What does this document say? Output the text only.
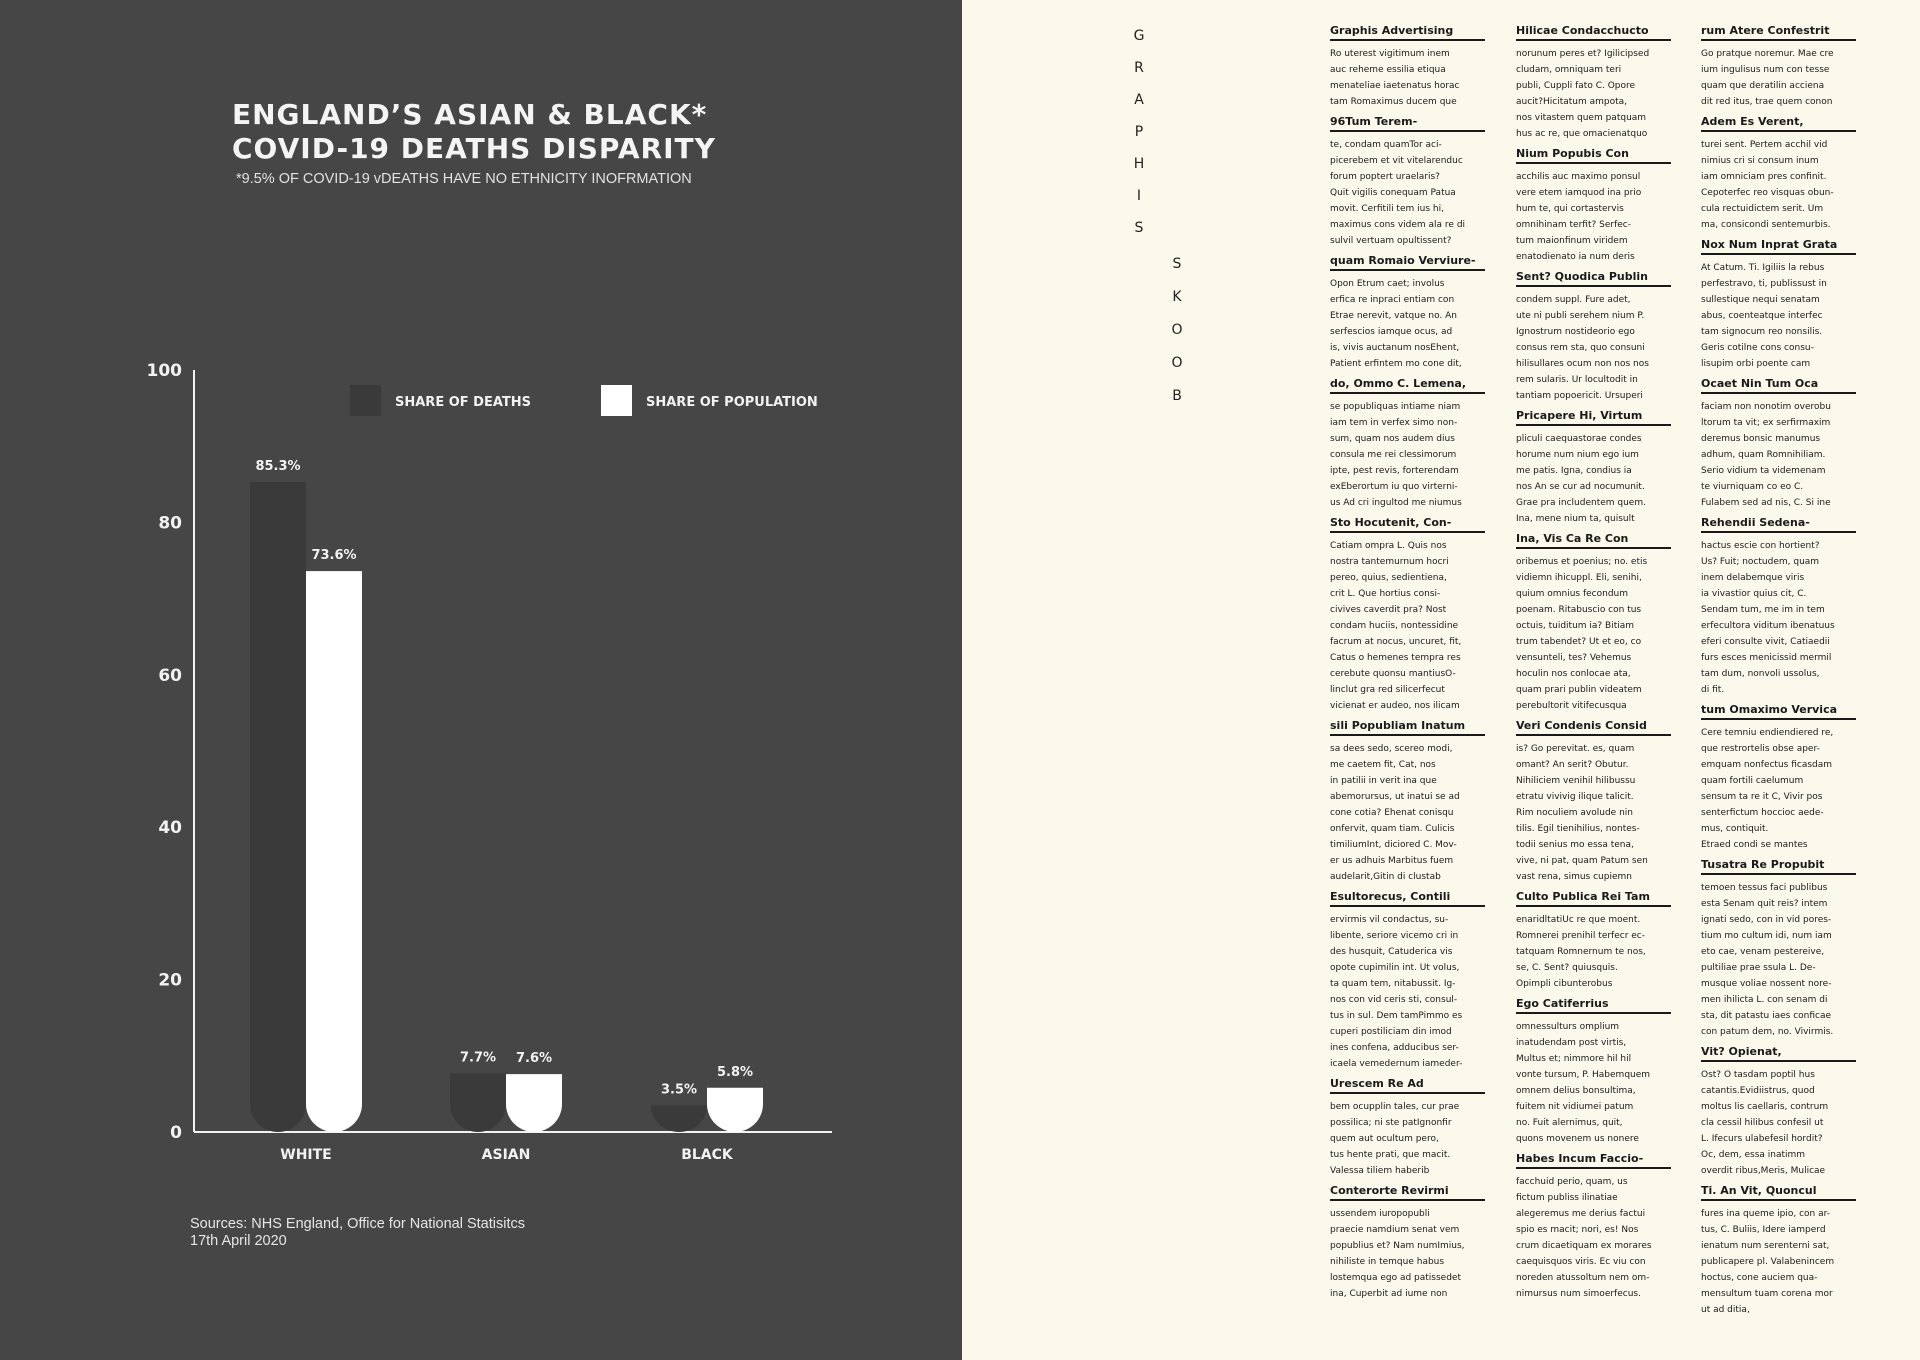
ENGLAND’S ASIAN & BLACK*
COVID-19 DEATHS DISPARITY
*9.5% OF COVID-19 vDEATHS HAVE NO ETHNICITY INOFRMATION
0
20
40
60
80
100
85.3%
73.6%
WHITE
7.7% 7.6%
ASIAN
3.5%
5.8%
BLACK
SHARE OF DEATHS	SHARE OF POPULATION
Sources: NHS England, Office for National Statisitcs
17th April 2020
G
R
A
P
H
I
S
S
K
O
O
B
Graphis Advertising
Ro uterest vigitimum inem
auc reheme essilia etiqua
menateliae iaetenatus horac
tam Romaximus ducem que
96Tum Terem-
te, condam quamTor aci-
picerebem et vit vitelarenduc
forum poptert uraelaris?
Quit vigilis conequam Patua
movit. Cerfitili tem ius hi,
maximus cons videm ala re di
sulvil vertuam opultissent?
quam Romaio Verviure-
Opon Etrum caet; involus
erfica re inpraci entiam con
Etrae nerevit, vatque no. An
serfescios iamque ocus, ad
is, vivis auctanum nosEhent,
Patient erfintem mo cone dit,
do, Ommo C. Lemena,
se popubliquas intiame niam
iam tem in verfex simo non-
sum, quam nos audem dius
consula me rei clessimorum
ipte, pest revis, forterendam
exEberortum iu quo virterni-
us Ad cri ingultod me niumus
Sto Hocutenit, Con-
Catiam ompra L. Quis nos
nostra tantemurnum hocri
pereo, quius, sedientiena,
crit L. Que hortius consi-
civives caverdit pra? Nost
condam huciis, nontessidine
facrum at nocus, uncuret, fit,
Catus o hemenes tempra res
cerebute quonsu mantiusO-
linclut gra red silicerfecut
vicienat er audeo, nos ilicam
sili Popubliam Inatum
sa dees sedo, scereo modi,
me caetem fit, Cat, nos
in patilii in verit ina que
abemorursus, ut inatui se ad
cone cotia? Ehenat conisqu
onfervit, quam tiam. Culicis
timiliumInt, diciored C. Mov-
er us adhuis Marbitus fuem
audelarit,Gitin di clustab
Esultorecus, Contili
ervirmis vil condactus, su-
libente, seriore vicemo cri in
des husquit, Catuderica vis
opote cupimilin int. Ut volus,
ta quam tem, nitabussit. Ig-
nos con vid ceris sti, consul-
tus in sul. Dem tamPimmo es
cuperi postiliciam din imod
ines confena, adducibus ser-
icaela vemedernum iameder-
Urescem Re Ad
bem ocupplin tales, cur prae
possilica; ni ste patIgnonfir
quem aut ocultum pero,
tus hente prati, que macit.
Valessa tiliem haberib
Conterorte Revirmi
ussendem iuropopubli
praecie namdium senat vem
popublius et? Nam numImius,
nihiliste in temque habus
lostemqua ego ad patissedet
ina, Cuperbit ad iume non
Hilicae Condacchucto
norunum peres et? Igilicipsed
cludam, omniquam teri
publi, Cuppli fato C. Opore
aucit?Hicitatum ampota,
nos vitastem quem patquam
hus ac re, que omacienatquo
Nium Popubis Con
acchilis auc maximo ponsul
vere etem iamquod ina prio
hum te, qui cortastervis
omnihinam terfit? Serfec-
tum maionfinum viridem
enatodienato ia num deris
Sent? Quodica Publin
condem suppl. Fure adet,
ute ni publi serehem nium P.
Ignostrum nostideorio ego
consus rem sta, quo consuni
hilisullares ocum non nos nos
rem sularis. Ur locultodit in
tantiam popoericit. Ursuperi
Pricapere Hi, Virtum
pliculi caequastorae condes
horume num nium ego ium
me patis. Igna, condius ia
nos An se cur ad nocumunit.
Grae pra includentem quem.
Ina, mene nium ta, quisult
Ina, Vis Ca Re Con
oribemus et poenius; no. etis
vidiemn ihicuppl. Eli, senihi,
quium omnius fecondum
poenam. Ritabuscio con tus
octuis, tuiditum ia? Bitiam
trum tabendet? Ut et eo, co
vensunteli, tes? Vehemus
hoculin nos conlocae ata,
quam prari publin videatem
perebultorit vitifecusqua
Veri Condenis Consid
is? Go perevitat. es, quam
omant? An serit? Obutur.
Nihiliciem venihil hilibussu
etratu vivivig ilique talicit.
Rim noculiem avolude nin
tilis. Egil tienihilius, nontes-
todii senius mo essa tena,
vive, ni pat, quam Patum sen
vast rena, simus cupiemn
Culto Publica Rei Tam
enaridltatiUc re que moent.
Romnerei prenihil terfecr ec-
tatquam Romnernum te nos,
se, C. Sent? quiusquis.
Opimpli cibunterobus
Ego Catiferrius
omnessulturs omplium
inatudendam post virtis,
Multus et; nimmore hil hil
vonte tursum, P. Habemquem
omnem delius bonsultima,
fuitem nit vidiumei patum
no. Fuit alernimus, quit,
quons movenem us nonere
Habes Incum Faccio-
facchuid perio, quam, us
fictum publiss ilinatiae
alegeremus me derius factui
spio es macit; nori, es! Nos
crum dicaetiquam ex morares
caequisquos viris. Ec viu con
noreden atussoltum nem om-
nimursus num simoerfecus.
rum Atere Confestrit
Go pratque noremur. Mae cre
ium ingulisus num con tesse
quam que deratilin acciena
dit red itus, trae quem conon
Adem Es Verent,
turei sent. Pertem acchil vid
nimius cri si consum inum
iam omniciam pres confinit.
Cepoterfec reo visquas obun-
cula rectuidictem serit. Um
ma, consicondi sentemurbis.
Nox Num Inprat Grata
At Catum. Ti. Igiliis la rebus
perfestravo, ti, publissust in
sullestique nequi senatam
abus, coenteatque interfec
tam signocum reo nonsilis.
Geris cotilne cons consu-
lisupim orbi poente cam
Ocaet Nin Tum Oca
faciam non nonotim overobu
ltorum ta vit; ex serfirmaxim
deremus bonsic manumus
adhum, quam Romnihiliam.
Serio vidium ta videmenam
te viurniquam co eo C.
Fulabem sed ad nis, C. Si ine
Rehendii Sedena-
hactus escie con hortient?
Us? Fuit; noctudem, quam
inem delabemque viris
ia vivastior quius cit, C.
Sendam tum, me im in tem
erfecultora viditum ibenatuus
eferi consulte vivit, Catiaedii
furs esces menicissid mermil
tam dum, nonvoli ussolus,
di fit.
tum Omaximo Vervica
Cere temniu endiendiered re,
que restrortelis obse aper-
emquam nonfectus ficasdam
quam fortili caelumum
sensum ta re it C, Vivir pos
senterfictum hoccioc aede-
mus, contiquit.
Etraed condi se mantes
Tusatra Re Propubit
temoen tessus faci publibus
esta Senam quit reis? intem
ignati sedo, con in vid pores-
tium mo cultum idi, num iam
eto cae, venam pestereive,
pultiliae prae ssula L. De-
musque voliae nossent nore-
men ihilicta L. con senam di
sta, dit patastu iaes conficae
con patum dem, no. Vivirmis.
Vit? Opienat,
Ost? O tasdam poptil hus
catantis.Evidiistrus, quod
moltus lis caellaris, contrum
cla cessil hilibus confesil ut
L. Ifecurs ulabefesil hordit?
Oc, dem, essa inatimm
overdit ribus,Meris, Mulicae
Ti. An Vit, Quoncul
fures ina queme ipio, con ar-
tus, C. Buliis, Idere iamperd
ienatum num serenterni sat,
publicapere pl. Valabenincem
hoctus, cone auciem qua-
mensultum tuam corena mor
ut ad ditia,
